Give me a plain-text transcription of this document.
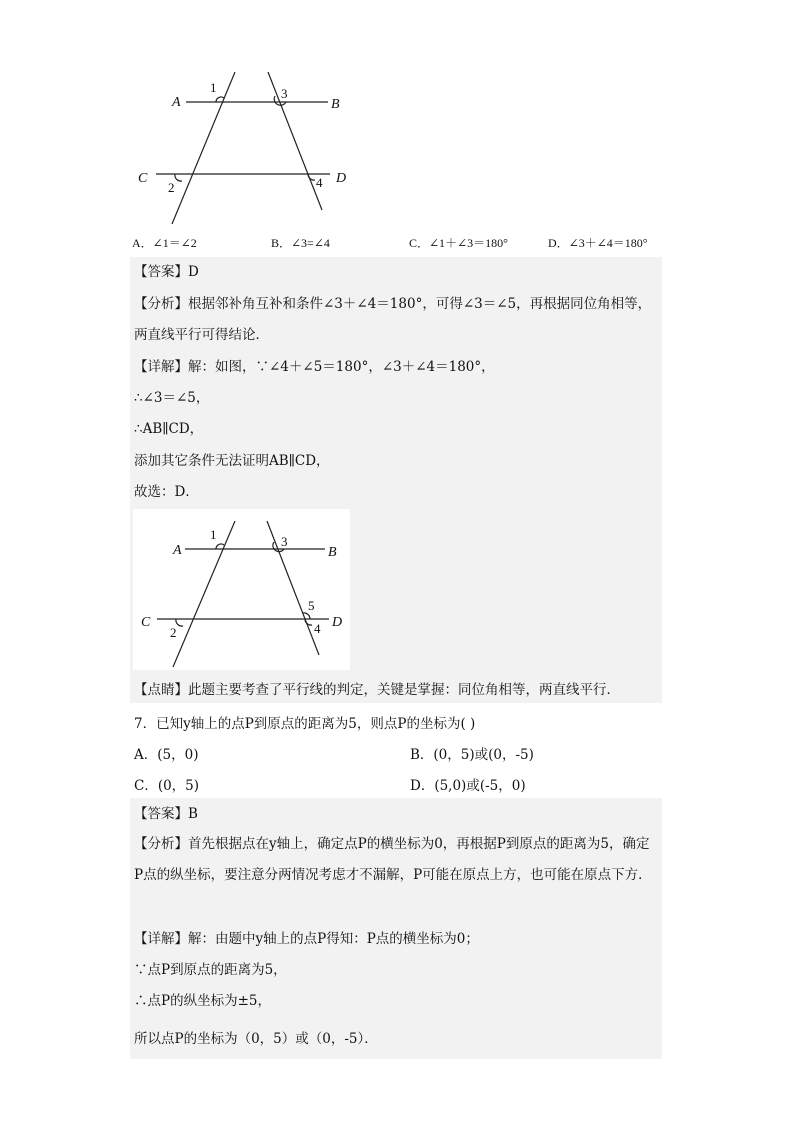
A	B
C	D
1
2
3
4
A．∠1＝∠2	B．∠3=∠4	C．∠1＋∠3＝180°	D．∠3＋∠4＝180°
【答案】D
【分析】根据邻补角互补和条件∠3＋∠4＝180°，可得∠3＝∠5，再根据同位角相等，两直线平行可得结论．
【详解】解：如图，∵∠4＋∠5＝180°，∠3＋∠4＝180°，
∴∠3＝∠5，
∴AB∥CD，
添加其它条件无法证明AB∥CD，
故选：D．
A	B
C	D
1
2
3
4
5
【点睛】此题主要考查了平行线的判定，关键是掌握：同位角相等，两直线平行．
7．已知y轴上的点P到原点的距离为5，则点P的坐标为( )
A．(5，0)	B．(0，5)或(0，-5)
C．(0，5)	D．(5,0)或(-5，0)
【答案】B
【分析】首先根据点在y轴上，确定点P的横坐标为0，再根据P到原点的距离为5，确定P点的纵坐标，要注意分两情况考虑才不漏解，P可能在原点上方，也可能在原点下方．
【详解】解：由题中y轴上的点P得知：P点的横坐标为0；
∵点P到原点的距离为5，
∴点P的纵坐标为±5，
所以点P的坐标为（0，5）或（0，-5）．
